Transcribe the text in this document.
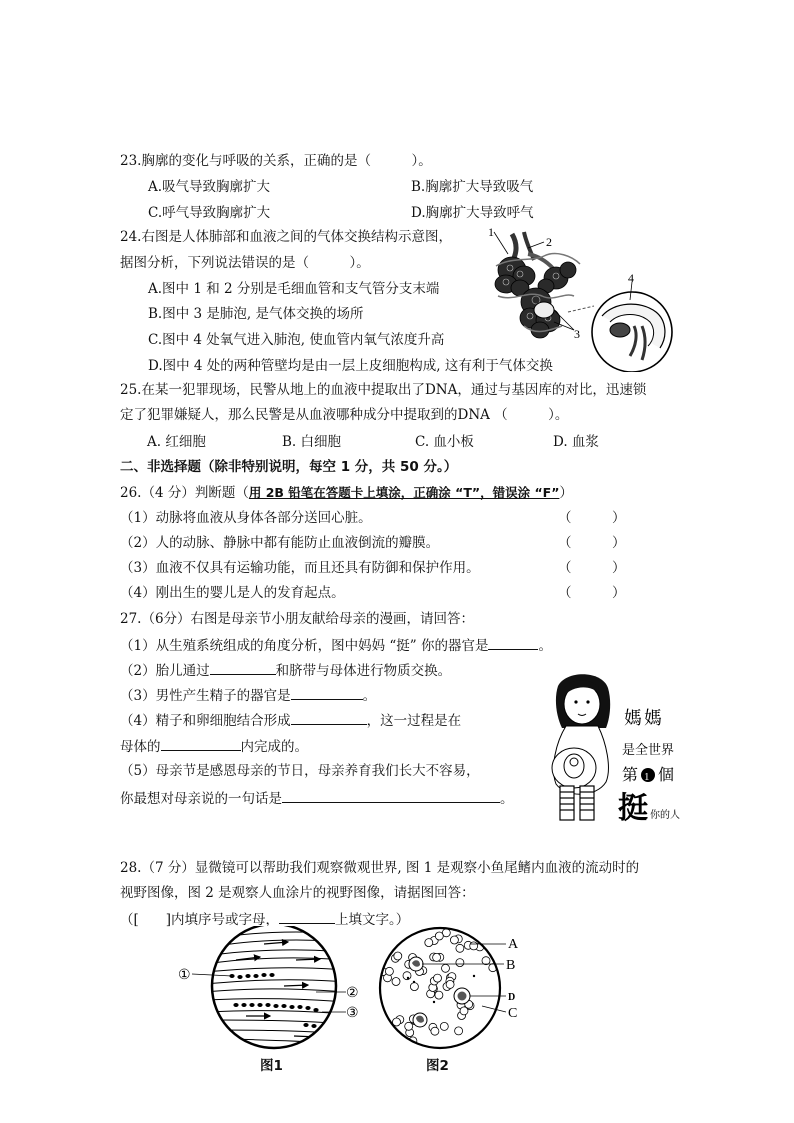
23.胸廓的变化与呼吸的关系，正确的是（　　　）。
A.吸气导致胸廓扩大	B.胸廓扩大导致吸气
C.呼气导致胸廓扩大	D.胸廓扩大导致呼气
24.右图是人体肺部和血液之间的气体交换结构示意图，
据图分析，下列说法错误的是（　　　）。
A.图中 1 和 2 分别是毛细血管和支气管分支末端
B.图中 3 是肺泡, 是气体交换的场所
C.图中 4 处氧气进入肺泡, 使血管内氧气浓度升高
D.图中 4 处的两种管壁均是由一层上皮细胞构成, 这有利于气体交换
1
2
3
4
25.在某一犯罪现场，民警从地上的血液中提取出了DNA，通过与基因库的对比，迅速锁
定了犯罪嫌疑人，那么民警是从血液哪种成分中提取到的DNA （　　　）。
A. 红细胞	B. 白细胞	C. 血小板	D. 血浆
二、非选择题（除非特别说明，每空 1 分，共 50 分。）
26.（4 分）判断题（用 2B 铅笔在答题卡上填涂，正确涂 “T”，错误涂 “F”）
（1）动脉将血液从身体各部分送回心脏。	（　　　）
（2）人的动脉、静脉中都有能防止血液倒流的瓣膜。	（　　　）
（3）血液不仅具有运输功能，而且还具有防御和保护作用。	（　　　）
（4）刚出生的婴儿是人的发育起点。	（　　　）
27.（6分）右图是母亲节小朋友献给母亲的漫画，请回答：
（1）从生殖系统组成的角度分析，图中妈妈 “挺” 你的器官是	。
（2）胎儿通过	和脐带与母体进行物质交换。
（3）男性产生精子的器官是	。
（4）精子和卵细胞结合形成	，这一过程是在
母体的	内完成的。
（5）母亲节是感恩母亲的节日，母亲养育我们长大不容易，
你最想对母亲说的一句话是	。
媽 媽
是全世界
第 1 個
挺 你的人
28.（7 分）显微镜可以帮助我们观察微观世界, 图 1 是观察小鱼尾鳍内血液的流动时的
视野图像，图 2 是观察人血涂片的视野图像，请据图回答：
（[　　]内填序号或字母，	上填文字。）
①
②
③
图1
A
B
D
C
图2
